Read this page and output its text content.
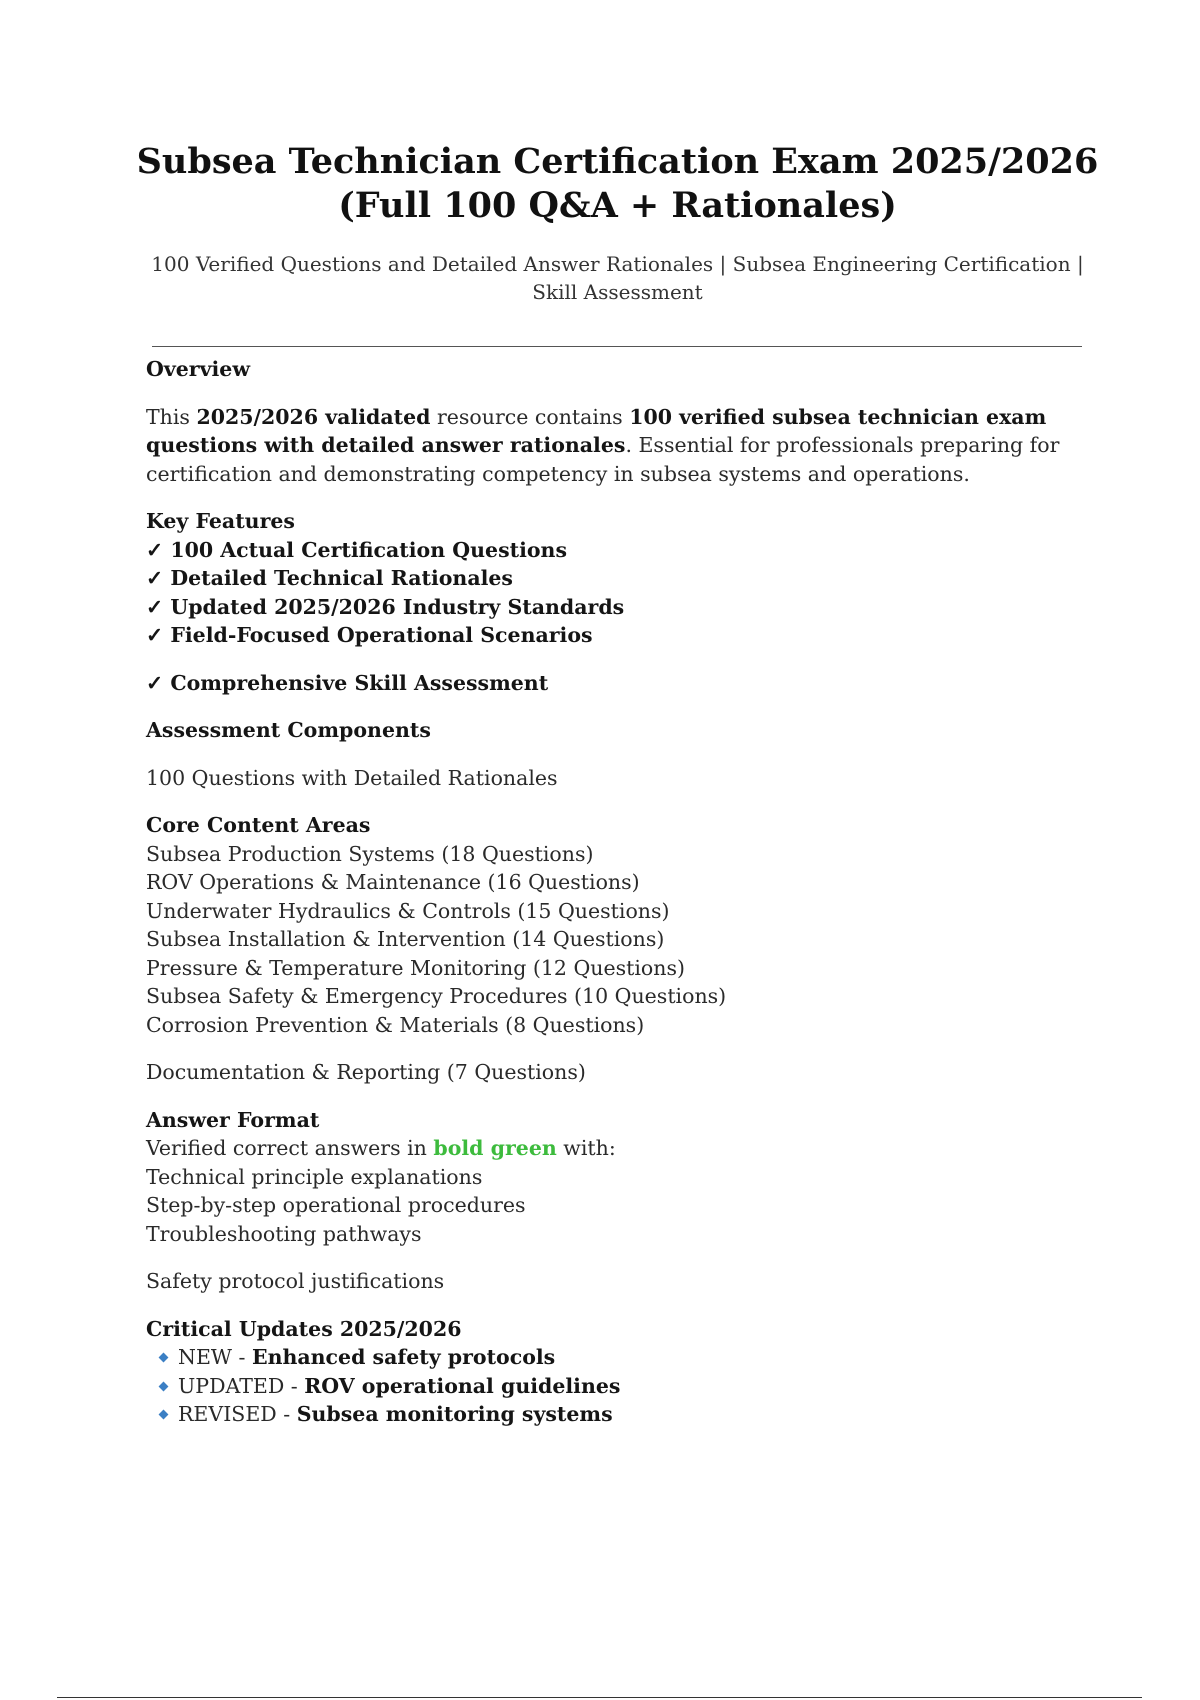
Subsea Technician Certification Exam 2025/2026
(Full 100 Q&A + Rationales)

100 Verified Questions and Detailed Answer Rationales | Subsea Engineering Certification |
Skill Assessment

Overview

This 2025/2026 validated resource contains 100 verified subsea technician exam questions with detailed answer rationales. Essential for professionals preparing for certification and demonstrating competency in subsea systems and operations.

Key Features

✓ 100 Actual Certification Questions

✓ Detailed Technical Rationales

✓ Updated 2025/2026 Industry Standards

✓ Field-Focused Operational Scenarios

✓ Comprehensive Skill Assessment

Assessment Components

100 Questions with Detailed Rationales

Core Content Areas

Subsea Production Systems (18 Questions)

ROV Operations & Maintenance (16 Questions)

Underwater Hydraulics & Controls (15 Questions)

Subsea Installation & Intervention (14 Questions)

Pressure & Temperature Monitoring (12 Questions)

Subsea Safety & Emergency Procedures (10 Questions)

Corrosion Prevention & Materials (8 Questions)

Documentation & Reporting (7 Questions)

Answer Format

Verified correct answers in bold green with:

Technical principle explanations

Step-by-step operational procedures

Troubleshooting pathways

Safety protocol justifications

Critical Updates 2025/2026

NEW - Enhanced safety protocols
UPDATED - ROV operational guidelines
REVISED - Subsea monitoring systems
